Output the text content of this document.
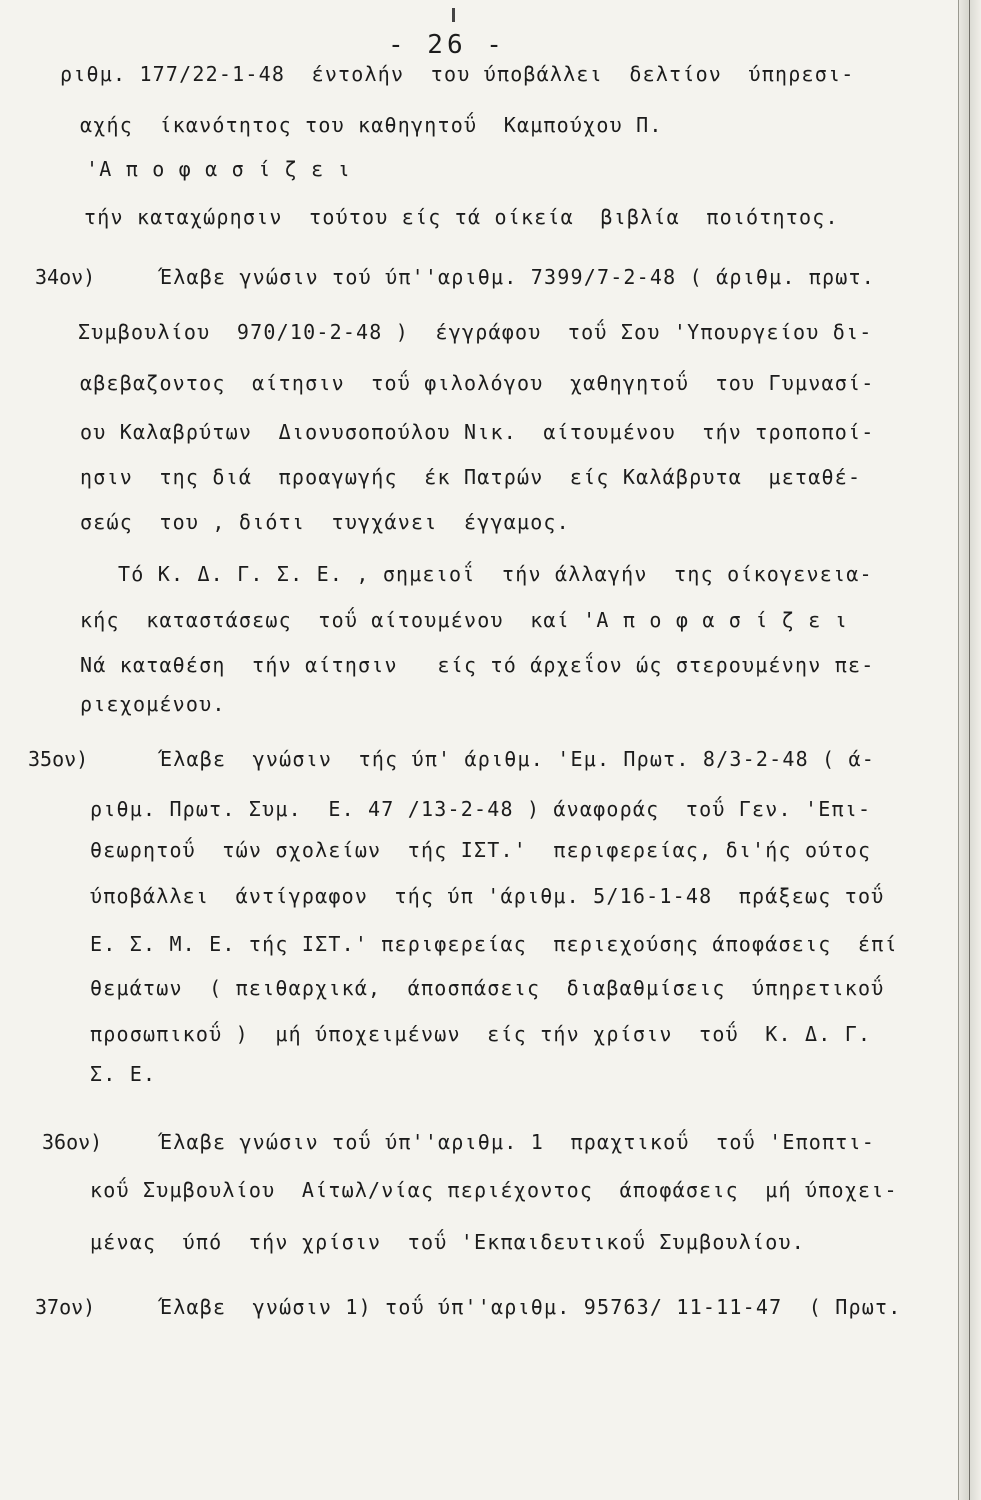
- 26 -
ριθμ. 177/22-1-48  έντολήν  του ύποβάλλει  δελτίον  ύπηρεσι-
αχής  ίκανότητος του καθηγητοΰ  Καμπούχου Π.
'Α π ο φ α σ ί ζ ε ι
τήν καταχώρησιν  τούτου είς τά οίκεία  βιβλία  ποιότητος.
34ον)	Έλαβε γνώσιν τού ύπ''αριθμ. 7399/7-2-48 ( άριθμ. πρωτ.
Συμβουλίου  970/10-2-48 )  έγγράφου  τοΰ Σου 'Υπουργείου δι-
αβεβαζοντος  αίτησιν  τοΰ φιλολόγου  χαθηγητοΰ  του Γυμνασί-
ου Καλαβρύτων  Διονυσοπούλου Νικ.  αίτουμένου  τήν τροποποί-
ησιν  της διά  προαγωγής  έκ Πατρών  είς Καλάβρυτα  μεταθέ-
σεώς  του , διότι  τυγχάνει  έγγαμος.
Τό Κ. Δ. Γ. Σ. Ε. , σημειοΐ  τήν άλλαγήν  της οίκογενεια-
κής  καταστάσεως  τοΰ αίτουμένου  καί 'Α π ο φ α σ ί ζ ε ι
Νά καταθέση  τήν αίτησιν   είς τό άρχεΐον ώς στερουμένην πε-
ριεχομένου.
35ον)	Έλαβε  γνώσιν  τής ύπ' άριθμ. 'Εμ. Πρωτ. 8/3-2-48 ( ά-
ριθμ. Πρωτ. Συμ.  Ε. 47 /13-2-48 ) άναφοράς  τοΰ Γεν. 'Επι-
θεωρητοΰ  τών σχολείων  τής ΙΣΤ.'  περιφερείας, δι'ής ούτος
ύποβάλλει  άντίγραφον  τής ύπ 'άριθμ. 5/16-1-48  πράξεως τοΰ
Ε. Σ. Μ. Ε. τής ΙΣΤ.' περιφερείας  περιεχούσης άποφάσεις  έπί
θεμάτων  ( πειθαρχικά,  άποσπάσεις  διαβαθμίσεις  ύπηρετικοΰ
προσωπικοΰ )  μή ύποχειμένων  είς τήν χρίσιν  τοΰ  Κ. Δ. Γ.
Σ. Ε.
36ον)	Έλαβε γνώσιν τοΰ ύπ''αριθμ. 1  πραχτικοΰ  τοΰ 'Εποπτι-
κοΰ Συμβουλίου  Αίτωλ/νίας περιέχοντος  άποφάσεις  μή ύποχει-
μένας  ύπό  τήν χρίσιν  τοΰ 'Εκπαιδευτικοΰ Συμβουλίου.
37ον)	Έλαβε  γνώσιν 1) τοΰ ύπ''αριθμ. 95763/ 11-11-47  ( Πρωτ.
